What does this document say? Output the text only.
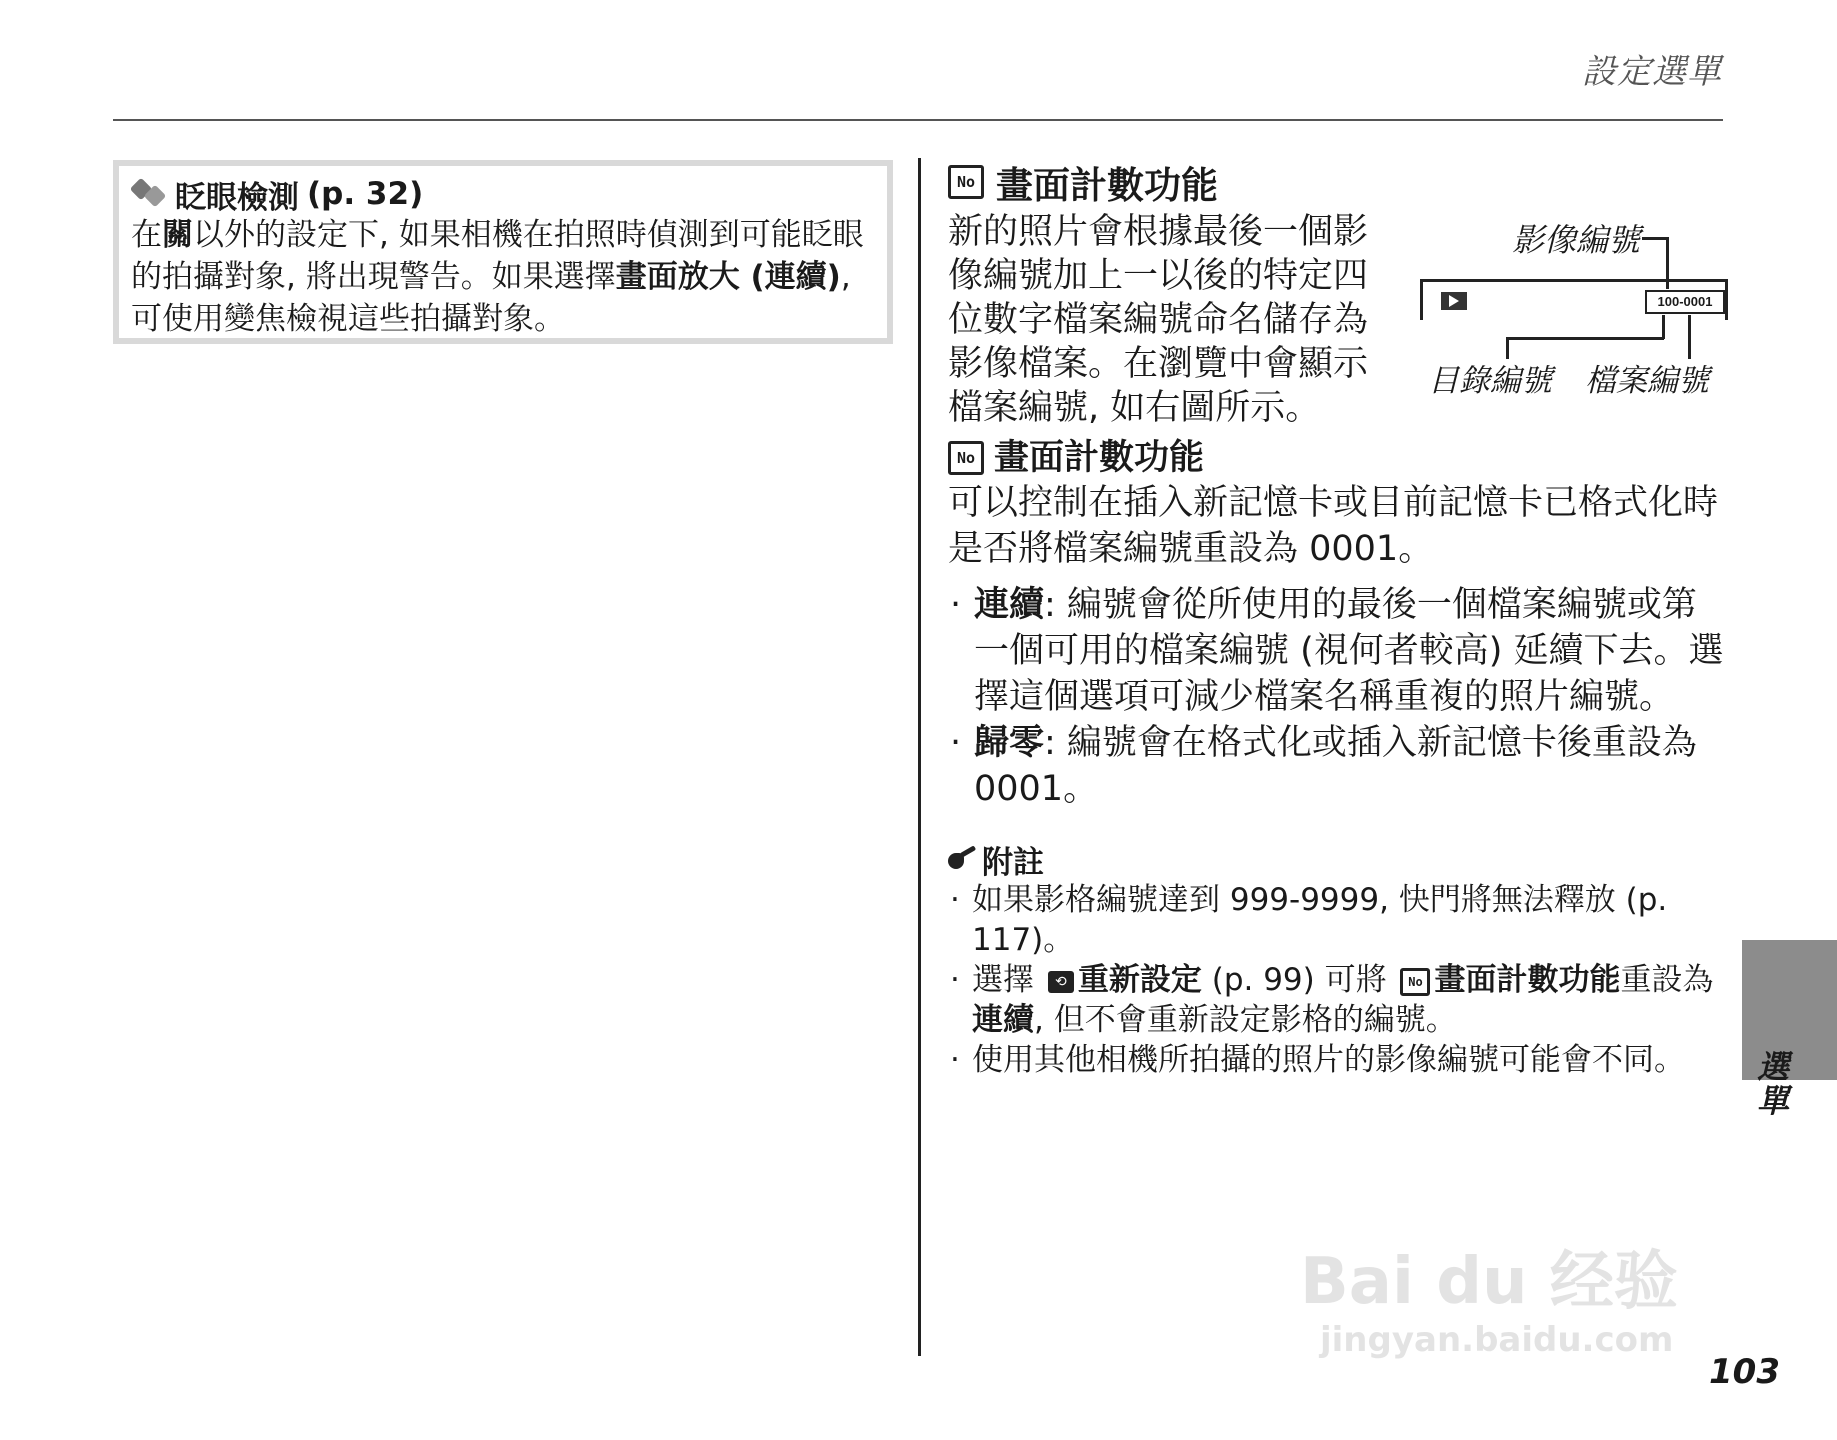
設定選單
眨眼檢測 (p. 32)
在關以外的設定下, 如果相機在拍照時偵測到可能眨眼的拍攝對象, 將出現警告。如果選擇畫面放大 (連續), 可使用變焦檢視這些拍攝對象。
No 畫面計數功能
新的照片會根據最後一個影像編號加上一以後的特定四位數字檔案編號命名儲存為影像檔案。在瀏覽中會顯示檔案編號, 如右圖所示。
No 畫面計數功能
可以控制在插入新記憶卡或目前記憶卡已格式化時是否將檔案編號重設為 0001。
· 連續: 編號會從所使用的最後一個檔案編號或第一個可用的檔案編號 (視何者較高) 延續下去。選擇這個選項可減少檔案名稱重複的照片編號。
· 歸零: 編號會在格式化或插入新記憶卡後重設為 0001。
附註
· 如果影格編號達到 999-9999, 快門將無法釋放 (p. 117)。
· 選擇 ⟲ 重新設定 (p. 99) 可將 No 畫面計數功能重設為連續, 但不會重新設定影格的編號。
· 使用其他相機所拍攝的照片的影像編號可能會不同。
影像編號
100-0001
目錄編號 檔案編號
選單
Bai du 经验
jingyan.baidu.com
103
